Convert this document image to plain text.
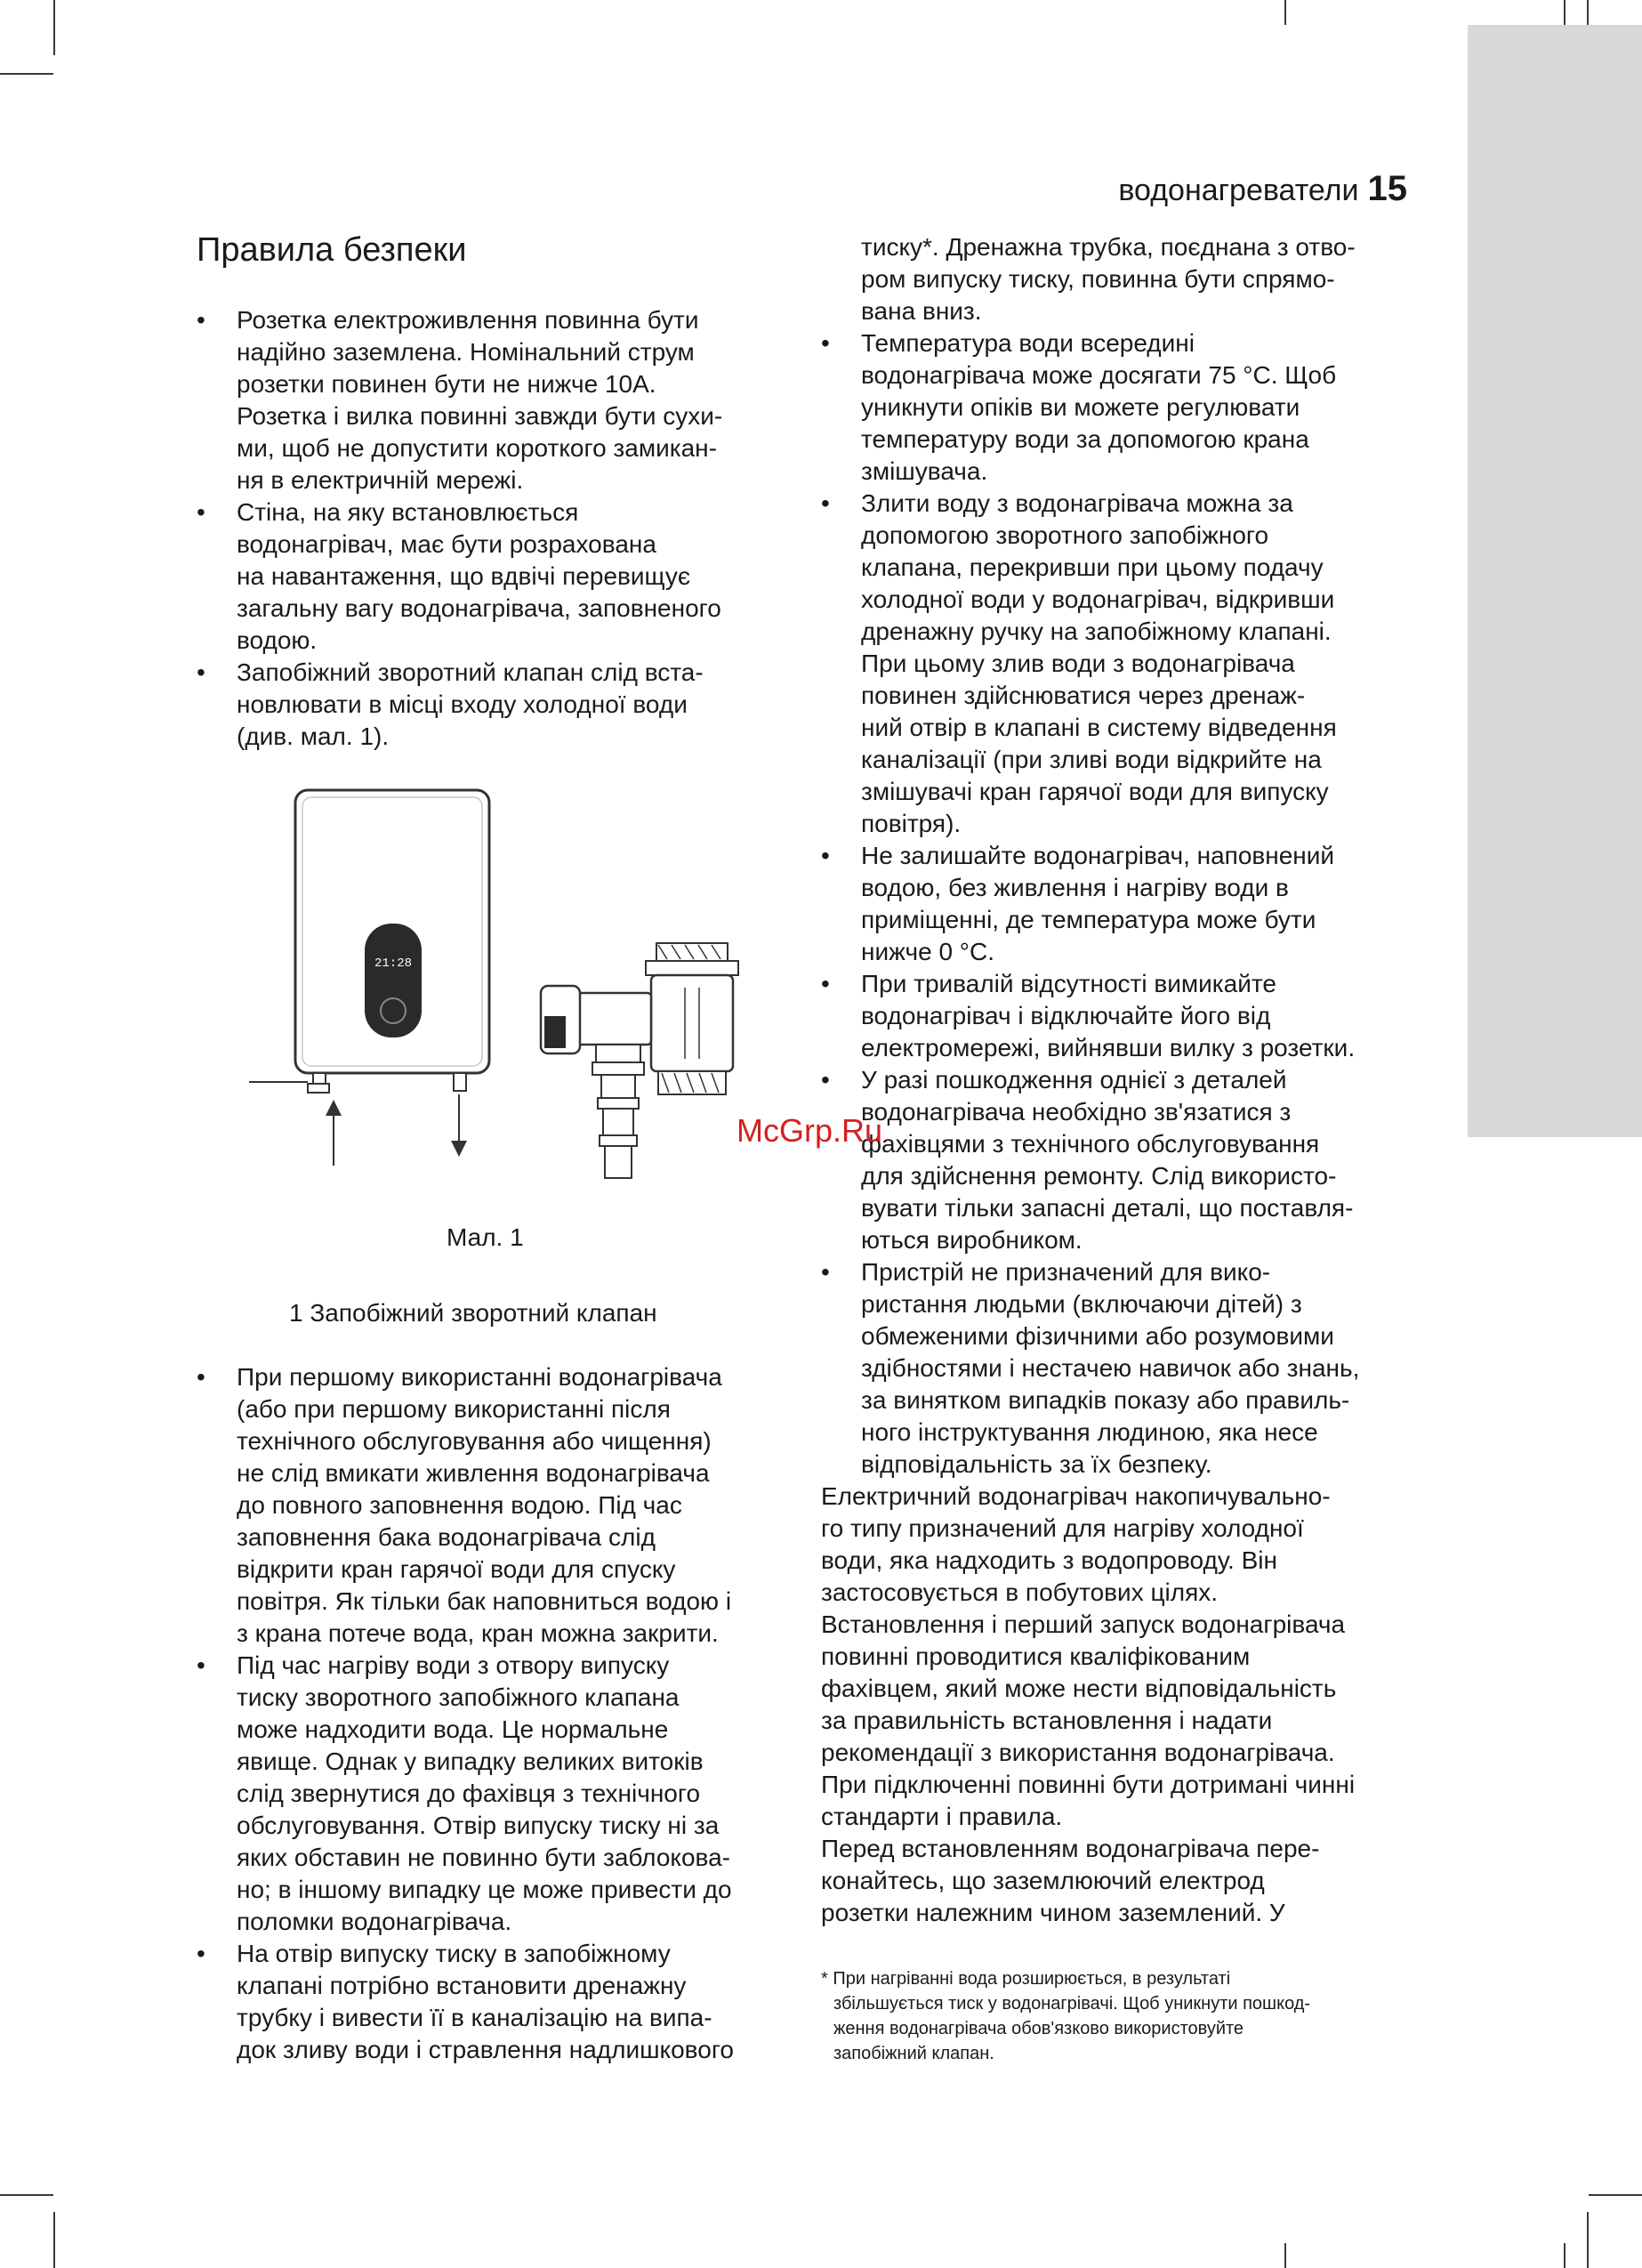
водонагреватели 15
Правила безпеки
• Розетка електроживлення повинна бути
надійно заземлена. Номінальний струм
розетки повинен бути не нижче 10А.
Розетка і вилка повинні завжди бути сухи-
ми, щоб не допустити короткого замикан-
ня в електричній мережі.
• Стіна, на яку встановлюється
водонагрівач, має бути розрахована
на навантаження, що вдвічі перевищує
загальну вагу водонагрівача, заповненого
водою.
• Запобіжний зворотний клапан слід вста-
новлювати в місці входу холодної води
(див. мал. 1).
21:28
Мал. 1
1 Запобіжний зворотний клапан
• При першому використанні водонагрівача
(або при першому використанні після
технічного обслуговування або чищення)
не слід вмикати живлення водонагрівача
до повного заповнення водою. Під час
заповнення бака водонагрівача слід
відкрити кран гарячої води для спуску
повітря. Як тільки бак наповниться водою і
з крана потече вода, кран можна закрити.
• Під час нагріву води з отвору випуску
тиску зворотного запобіжного клапана
може надходити вода. Це нормальне
явище. Однак у випадку великих витоків
слід звернутися до фахівця з технічного
обслуговування. Отвір випуску тиску ні за
яких обставин не повинно бути заблокова-
но; в іншому випадку це може привести до
поломки водонагрівача.
• На отвір випуску тиску в запобіжному
клапані потрібно встановити дренажну
трубку і вивести її в каналізацію на випа-
док зливу води і стравлення надлишкового
тиску*. Дренажна трубка, поєднана з отво-
ром випуску тиску, повинна бути спрямо-
вана вниз.
• Температура води всередині
водонагрівача може досягати 75 °С. Щоб
уникнути опіків ви можете регулювати
температуру води за допомогою крана
змішувача.
• Злити воду з водонагрівача можна за
допомогою зворотного запобіжного
клапана, перекривши при цьому подачу
холодної води у водонагрівач, відкривши
дренажну ручку на запобіжному клапані.
При цьому злив води з водонагрівача
повинен здійснюватися через дренаж-
ний отвір в клапані в систему відведення
каналізації (при зливі води відкрийте на
змішувачі кран гарячої води для випуску
повітря).
• Не залишайте водонагрівач, наповнений
водою, без живлення і нагріву води в
приміщенні, де температура може бути
нижче 0 °С.
• При тривалій відсутності вимикайте
водонагрівач і відключайте його від
електромережі, вийнявши вилку з розетки.
• У разі пошкодження однієї з деталей
водонагрівача необхідно зв'язатися з
фахівцями з технічного обслуговування
для здійснення ремонту. Слід використо-
вувати тільки запасні деталі, що поставля-
ються виробником.
• Пристрій не призначений для вико-
ристання людьми (включаючи дітей) з
обмеженими фізичними або розумовими
здібностями і нестачею навичок або знань,
за винятком випадків показу або правиль-
ного інструктування людиною, яка несе
відповідальність за їх безпеку.

Електричний водонагрівач накопичувально-
го типу призначений для нагріву холодної
води, яка надходить з водопроводу. Він
застосовується в побутових цілях.

Встановлення і перший запуск водонагрівача
повинні проводитися кваліфікованим
фахівцем, який може нести відповідальність
за правильність встановлення і надати
рекомендації з використання водонагрівача.
При підключенні повинні бути дотримані чинні
стандарти і правила.

Перед встановленням водонагрівача пере-
конайтесь, що заземлюючий електрод
розетки належним чином заземлений. У

* При нагріванні вода розширюється, в результаті
збільшується тиск у водонагрівачі. Щоб уникнути пошкод-
ження водонагрівача обов'язково використовуйте
запобіжний клапан.
McGrp.Ru
